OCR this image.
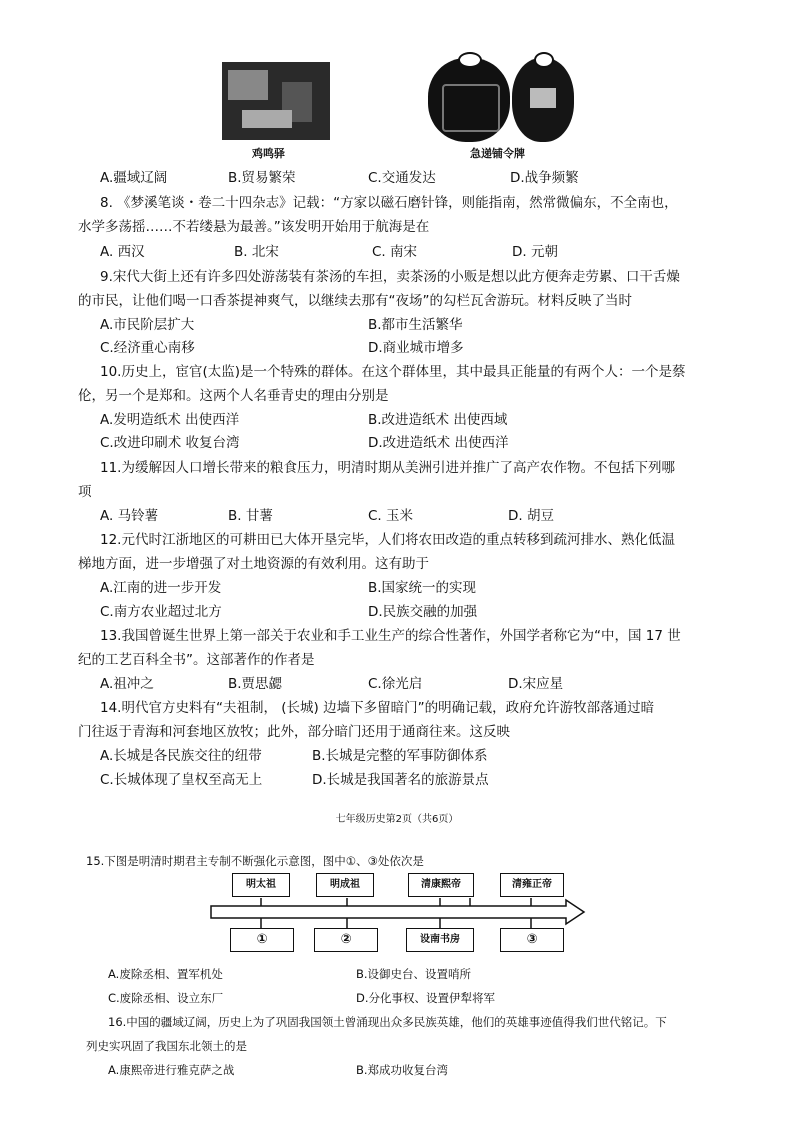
鸡鸣驿	急递铺令牌
A.疆域辽阔	B.贸易繁荣	C.交通发达	D.战争频繁
8. 《梦溪笔谈・卷二十四杂志》记载：“方家以磁石磨针锋，则能指南，然常微偏东，不全南也，
水学多荡摇……不若缕悬为最善。”该发明开始用于航海是在
A. 西汉	B. 北宋	C. 南宋	D. 元朝
9.宋代大街上还有许多四处游荡装有茶汤的车担，卖茶汤的小贩是想以此方便奔走劳累、口干舌燥
的市民，让他们喝一口香茶提神爽气，以继续去那有“夜场”的勾栏瓦舍游玩。材料反映了当时
A.市民阶层扩大	B.都市生活繁华
C.经济重心南移	D.商业城市增多
10.历史上，宦官(太监)是一个特殊的群体。在这个群体里，其中最具正能量的有两个人：一个是蔡
伦，另一个是郑和。这两个人名垂青史的理由分别是
A.发明造纸术 出使西洋	B.改进造纸术 出使西域
C.改进印刷术 收复台湾	D.改进造纸术 出使西洋
11.为缓解因人口增长带来的粮食压力，明清时期从美洲引进并推广了高产农作物。不包括下列哪
项
A. 马铃薯	B. 甘薯	C. 玉米	D. 胡豆
12.元代时江浙地区的可耕田已大体开垦完毕，人们将农田改造的重点转移到疏河排水、熟化低温
梯地方面，进一步增强了对土地资源的有效利用。这有助于
A.江南的进一步开发	B.国家统一的实现
C.南方农业超过北方	D.民族交融的加强
13.我国曾诞生世界上第一部关于农业和手工业生产的综合性著作，外国学者称它为“中，国 17 世
纪的工艺百科全书”。这部著作的作者是
A.祖冲之	B.贾思勰	C.徐光启	D.宋应星
14.明代官方史料有“夫祖制， (长城) 边墙下多留暗门”的明确记载，政府允许游牧部落通过暗
门往返于青海和河套地区放牧；此外，部分暗门还用于通商往来。这反映
A.长城是各民族交往的纽带	B.长城是完整的军事防御体系
C.长城体现了皇权至高无上	D.长城是我国著名的旅游景点
七年级历史第2页（共6页）
15.下图是明清时期君主专制不断强化示意图，图中①、③处依次是
明太祖	明成祖	清康熙帝	清雍正帝
①	②	设南书房	③
A.废除丞相、置军机处	B.设御史台、设置哨所
C.废除丞相、设立东厂	D.分化事权、设置伊犁将军
16.中国的疆域辽阔，历史上为了巩固我国领土曾涌现出众多民族英雄，他们的英雄事迹值得我们世代铭记。下
列史实巩固了我国东北领土的是
A.康熙帝进行雅克萨之战	B.郑成功收复台湾
